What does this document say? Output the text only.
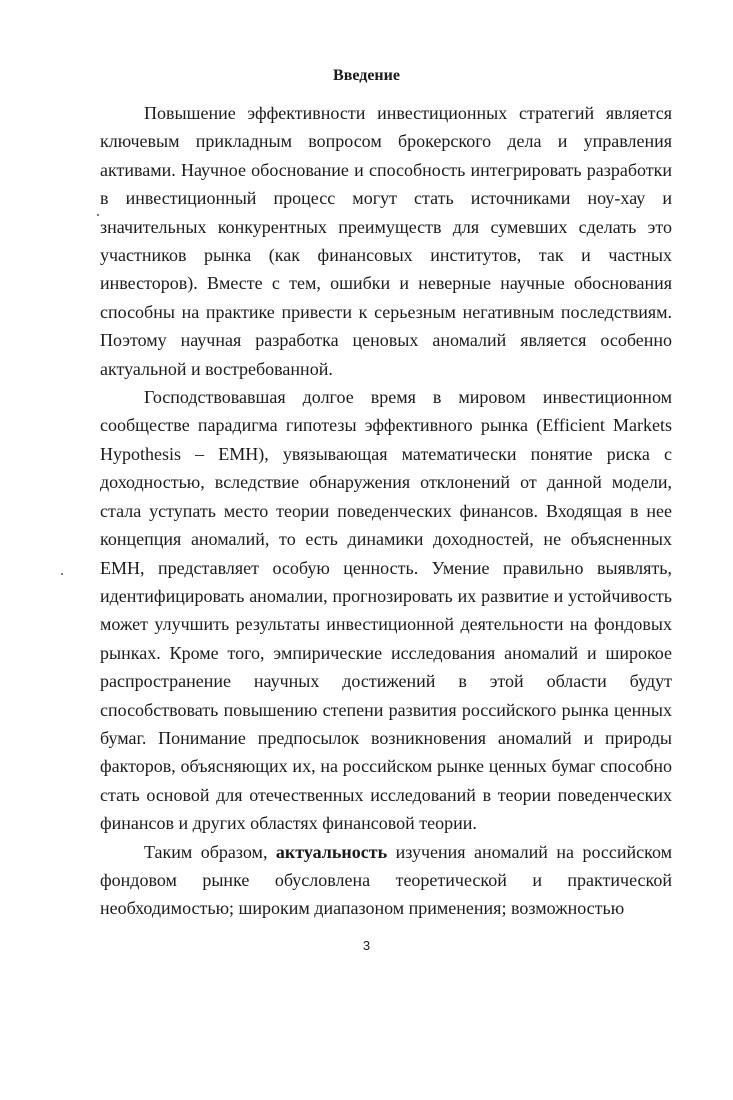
Введение

Повышение эффективности инвестиционных стратегий является ключевым прикладным вопросом брокерского дела и управления активами. Научное обоснование и способность интегрировать разработки в инвестиционный процесс могут стать источниками ноу-хау и значительных конкурентных преимуществ для сумевших сделать это участников рынка (как финансовых институтов, так и частных инвесторов). Вместе с тем, ошибки и неверные научные обоснования способны на практике привести к серьезным негативным последствиям. Поэтому научная разработка ценовых аномалий является особенно актуальной и востребованной.

Господствовавшая долгое время в мировом инвестиционном сообществе парадигма гипотезы эффективного рынка (Efficient Markets Hypothesis – EMH), увязывающая математически понятие риска с доходностью, вследствие обнаружения отклонений от данной модели, стала уступать место теории поведенческих финансов. Входящая в нее концепция аномалий, то есть динамики доходностей, не объясненных EMH, представляет особую ценность. Умение правильно выявлять, идентифицировать аномалии, прогнозировать их развитие и устойчивость может улучшить результаты инвестиционной деятельности на фондовых рынках. Кроме того, эмпирические исследования аномалий и широкое распространение научных достижений в этой области будут способствовать повышению степени развития российского рынка ценных бумаг. Понимание предпосылок возникновения аномалий и природы факторов, объясняющих их, на российском рынке ценных бумаг способно стать основой для отечественных исследований в теории поведенческих финансов и других областях финансовой теории.

Таким образом, актуальность изучения аномалий на российском фондовом рынке обусловлена теоретической и практической необходимостью; широким диапазоном применения; возможностью

3
